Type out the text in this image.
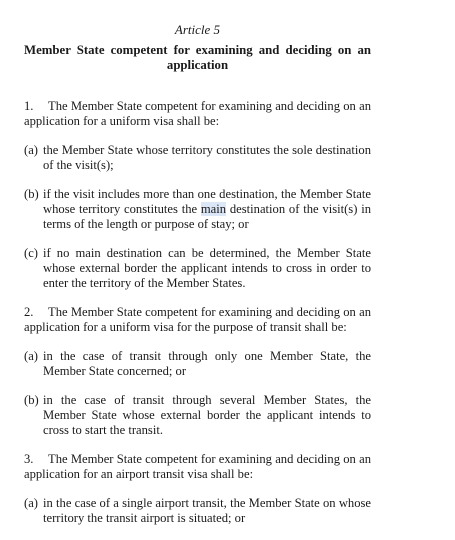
Article 5
Member State competent for examining and deciding on an application
1. The Member State competent for examining and deciding on an application for a uniform visa shall be:
(a) the Member State whose territory constitutes the sole destination of the visit(s);
(b) if the visit includes more than one destination, the Member State whose territory constitutes the main destination of the visit(s) in terms of the length or purpose of stay; or
(c) if no main destination can be determined, the Member State whose external border the applicant intends to cross in order to enter the territory of the Member States.
2. The Member State competent for examining and deciding on an application for a uniform visa for the purpose of transit shall be:
(a) in the case of transit through only one Member State, the Member State concerned; or
(b) in the case of transit through several Member States, the Member State whose external border the applicant intends to cross to start the transit.
3. The Member State competent for examining and deciding on an application for an airport transit visa shall be:
(a) in the case of a single airport transit, the Member State on whose territory the transit airport is situated; or
